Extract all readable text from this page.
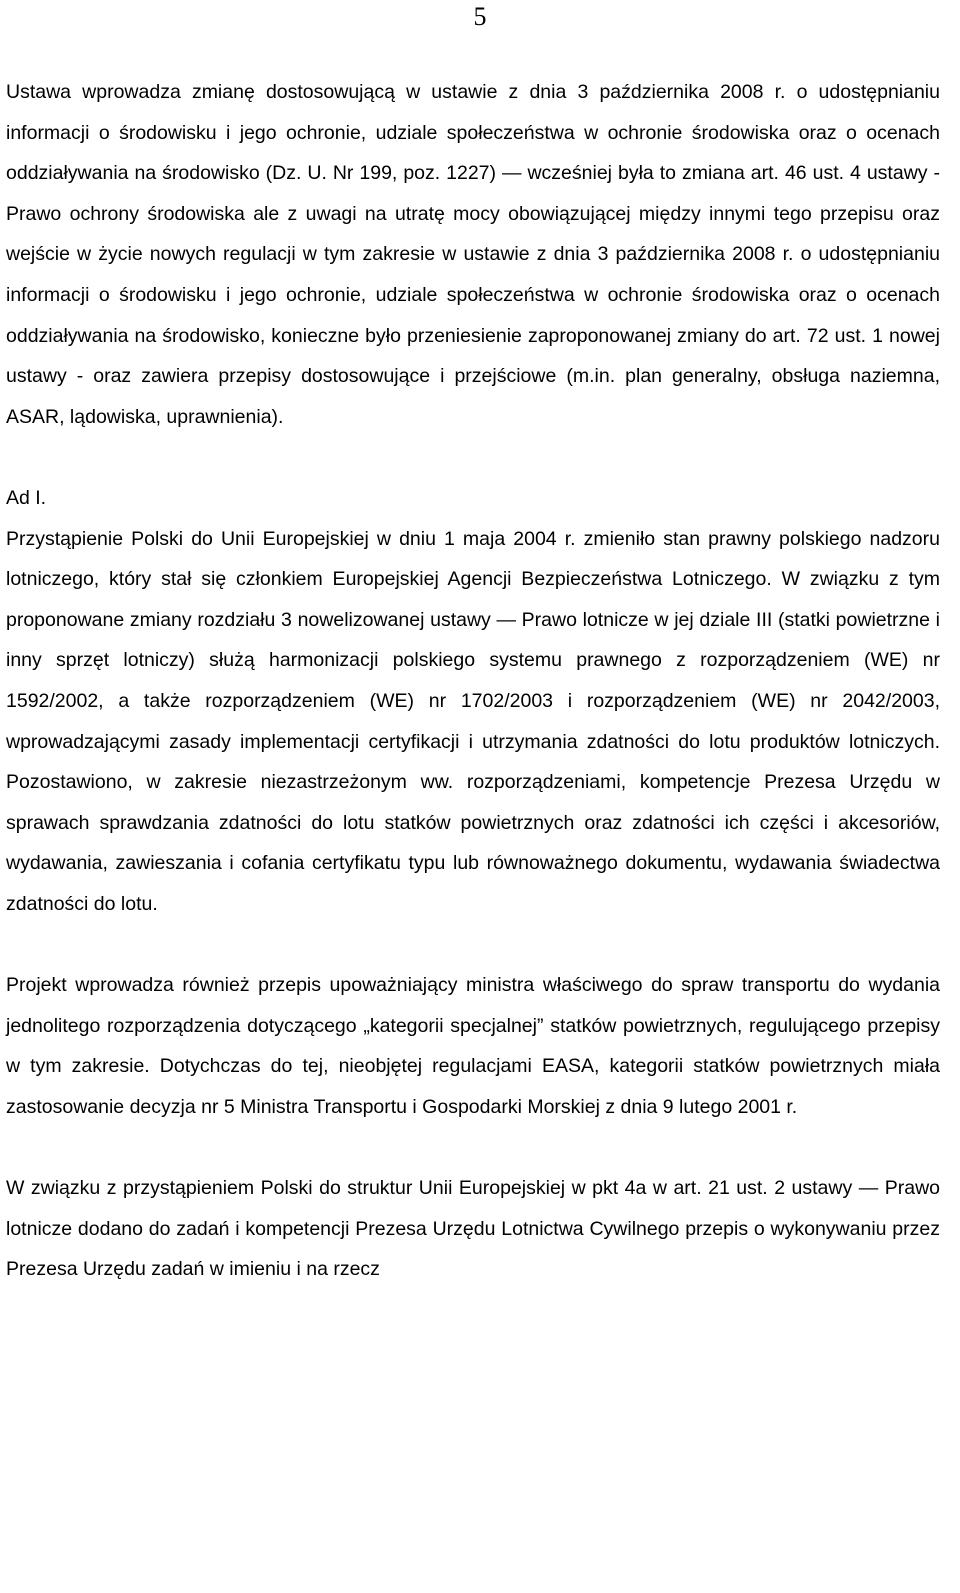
5

Ustawa wprowadza zmianę dostosowującą w ustawie z dnia 3 października 2008 r. o udostępnianiu informacji o środowisku i jego ochronie, udziale społeczeństwa w ochronie środowiska oraz o ocenach oddziaływania na środowisko (Dz. U. Nr 199, poz. 1227) — wcześniej była to zmiana art. 46 ust. 4 ustawy - Prawo ochrony środowiska ale z uwagi na utratę mocy obowiązującej między innymi tego przepisu oraz wejście w życie nowych regulacji w tym zakresie w ustawie z dnia 3 października 2008 r. o udostępnianiu informacji o środowisku i jego ochronie, udziale społeczeństwa w ochronie środowiska oraz o ocenach oddziaływania na środowisko, konieczne było przeniesienie zaproponowanej zmiany do art. 72 ust. 1 nowej ustawy - oraz zawiera przepisy dostosowujące i przejściowe (m.in. plan generalny, obsługa naziemna, ASAR, lądowiska, uprawnienia).

Ad I.

Przystąpienie Polski do Unii Europejskiej w dniu 1 maja 2004 r. zmieniło stan prawny polskiego nadzoru lotniczego, który stał się członkiem Europejskiej Agencji Bezpieczeństwa Lotniczego. W związku z tym proponowane zmiany rozdziału 3 nowelizowanej ustawy — Prawo lotnicze w jej dziale III (statki powietrzne i inny sprzęt lotniczy) służą harmonizacji polskiego systemu prawnego z rozporządzeniem (WE) nr 1592/2002, a także rozporządzeniem (WE) nr 1702/2003 i rozporządzeniem (WE) nr 2042/2003, wprowadzającymi zasady implementacji certyfikacji i utrzymania zdatności do lotu produktów lotniczych. Pozostawiono, w zakresie niezastrzeżonym ww. rozporządzeniami, kompetencje Prezesa Urzędu w sprawach sprawdzania zdatności do lotu statków powietrznych oraz zdatności ich części i akcesoriów, wydawania, zawieszania i cofania certyfikatu typu lub równoważnego dokumentu, wydawania świadectwa zdatności do lotu.

Projekt wprowadza również przepis upoważniający ministra właściwego do spraw transportu do wydania jednolitego rozporządzenia dotyczącego „kategorii specjalnej” statków powietrznych, regulującego przepisy w tym zakresie. Dotychczas do tej, nieobjętej regulacjami EASA, kategorii statków powietrznych miała zastosowanie decyzja nr 5 Ministra Transportu i Gospodarki Morskiej z dnia 9 lutego 2001 r.

W związku z przystąpieniem Polski do struktur Unii Europejskiej w pkt 4a w art. 21 ust. 2 ustawy — Prawo lotnicze dodano do zadań i kompetencji Prezesa Urzędu Lotnictwa Cywilnego przepis o wykonywaniu przez Prezesa Urzędu zadań w imieniu i na rzecz
